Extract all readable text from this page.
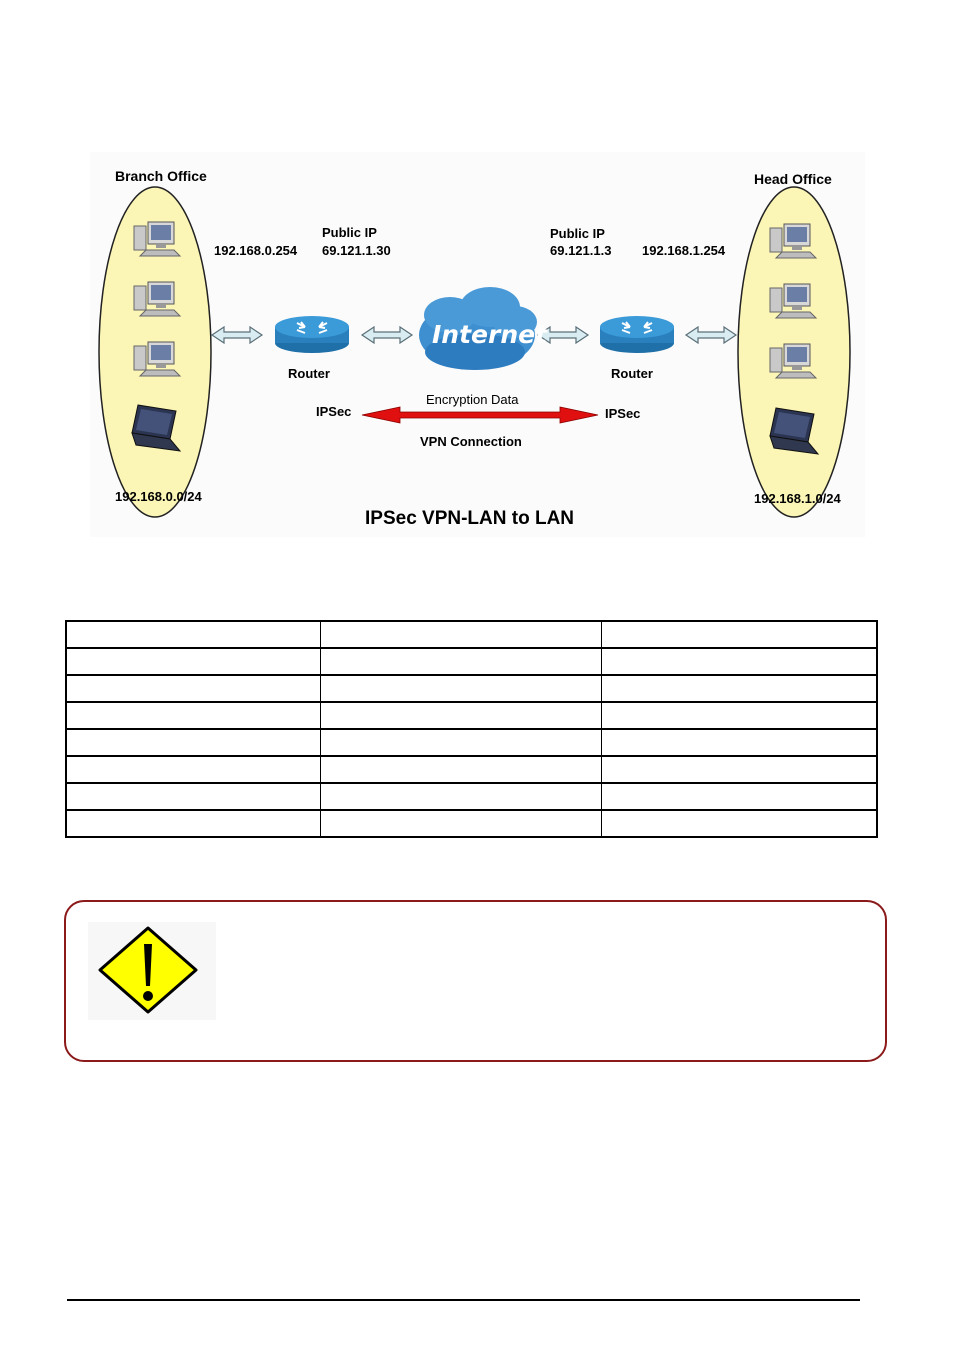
Branch Office	Head Office
Public IP
192.168.0.254 69.121.1.30
Public IP
69.121.1.3 192.168.1.254
Internet
Router	Router
IPSec	IPSec
Encryption Data
VPN Connection
192.168.0.0/24	192.168.1.0/24
IPSec VPN-LAN to LAN
